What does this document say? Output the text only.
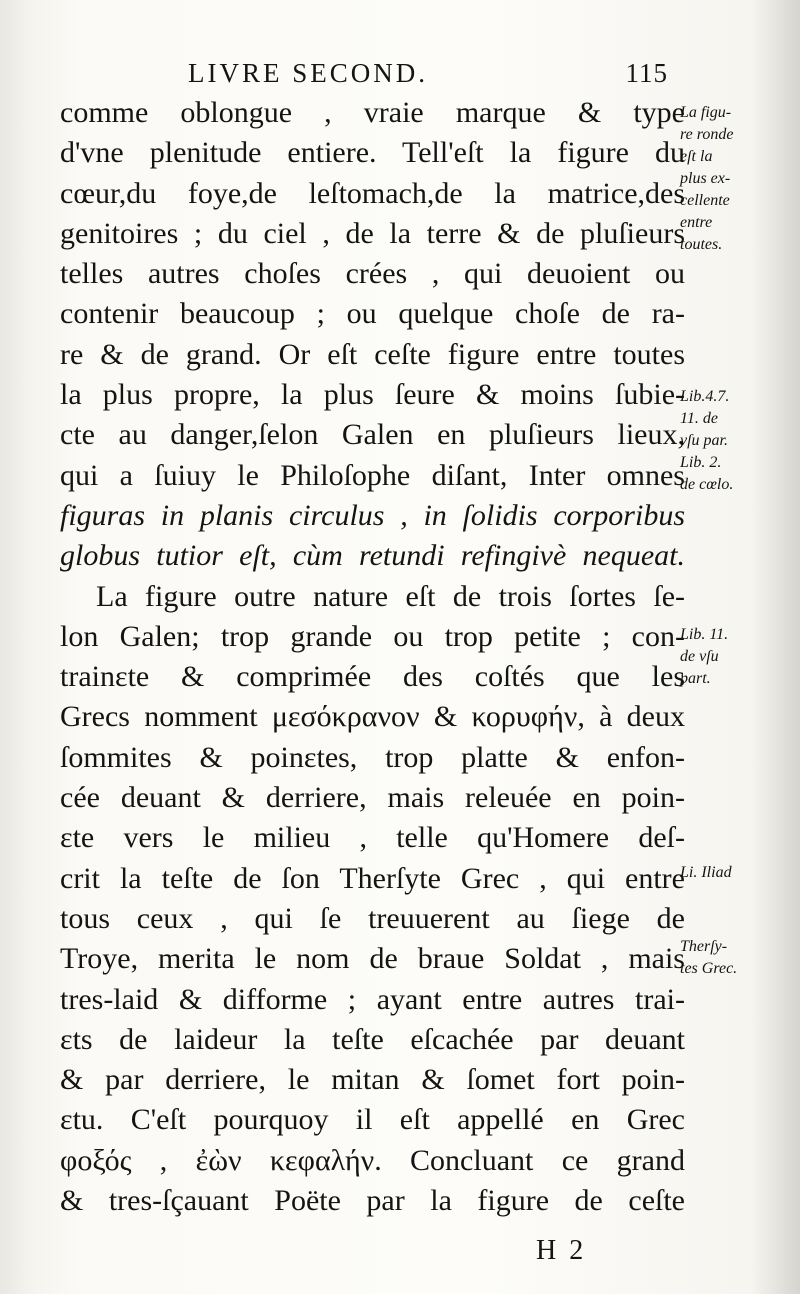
LIVRE SECOND.	115
comme oblongue , vraie marque & type
d'vne plenitude entiere. Tell'eſt la figure du
cœur,du foye,de leſtomach,de la matrice,des
genitoires ; du ciel , de la terre & de pluſieurs
telles autres choſes crées , qui deuoient ou
contenir beaucoup ; ou quelque choſe de ra-
re & de grand. Or eſt ceſte figure entre toutes
la plus propre, la plus ſeure & moins ſubie-
cte au danger,ſelon Galen en pluſieurs lieux,
qui a ſuiuy le Philoſophe diſant, Inter omnes
figuras in planis circulus , in ſolidis corporibus
globus tutior eſt, cùm retundi refingivè nequeat.
La figure outre nature eſt de trois ſortes ſe-
lon Galen; trop grande ou trop petite ; con-
trainɛte & comprimée des coſtés que les
Grecs nomment μεσόκρανον & κορυφήν, à deux
ſommites & poinɛtes, trop platte & enfon-
cée deuant & derriere, mais releuée en poin-
ɛte vers le milieu , telle qu'Homere deſ-
crit la teſte de ſon Therſyte Grec , qui entre
tous ceux , qui ſe treuuerent au ſiege de
Troye, merita le nom de braue Soldat , mais
tres-laid & difforme ; ayant entre autres trai-
ɛts de laideur la teſte eſcachée par deuant
& par derriere, le mitan & ſomet fort poin-
ɛtu. C'eſt pourquoy il eſt appellé en Grec
φοξός , ἐὼν κεφαλήν. Concluant ce grand
& tres-ſçauant Poëte par la figure de ceſte
La figu-
re ronde
eſt la
plus ex-
cellente
entre
toutes.
Lib.4.7.
11. de
vſu par.
Lib. 2.
de cœlo.
Lib. 11.
de vſu
part.
Li. Iliad
Therſy-
tes Grec.
H 2
